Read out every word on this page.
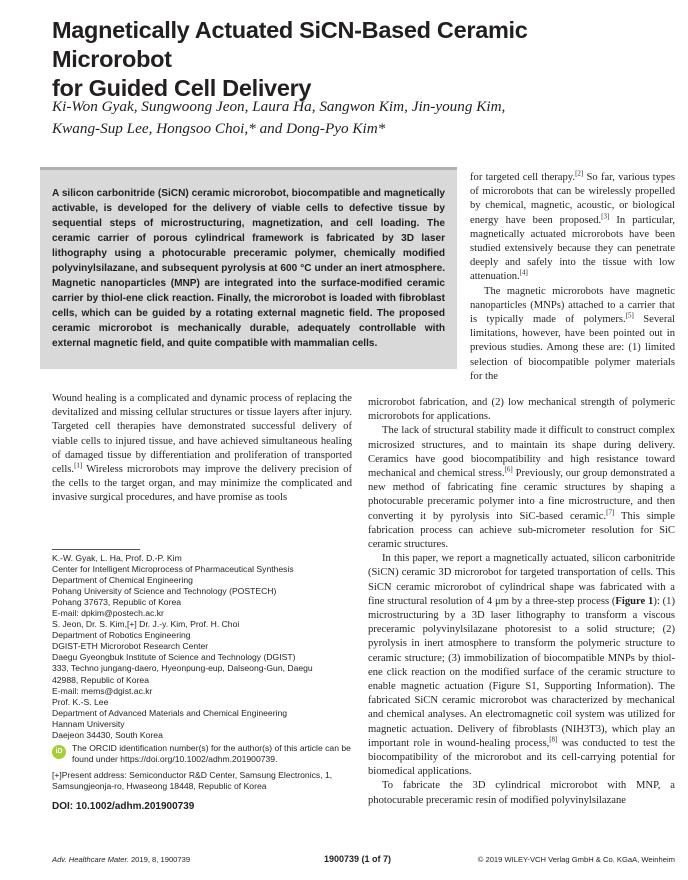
Magnetically Actuated SiCN-Based Ceramic Microrobot
for Guided Cell Delivery
Ki-Won Gyak, Sungwoong Jeon, Laura Ha, Sangwon Kim, Jin-young Kim,
Kwang-Sup Lee, Hongsoo Choi,* and Dong-Pyo Kim*

A silicon carbonitride (SiCN) ceramic microrobot, biocompatible and magnetically activable, is developed for the delivery of viable cells to defective tissue by sequential steps of microstructuring, magnetization, and cell loading. The ceramic carrier of porous cylindrical framework is fabricated by 3D laser lithography using a photocurable preceramic polymer, chemically modified polyvinylsilazane, and subsequent pyrolysis at 600 °C under an inert atmosphere. Magnetic nanoparticles (MNP) are integrated into the surface-modified ceramic carrier by thiol-ene click reaction. Finally, the microrobot is loaded with fibroblast cells, which can be guided by a rotating external magnetic field. The proposed ceramic microrobot is mechanically durable, adequately controllable with external magnetic field, and quite compatible with mammalian cells.

for targeted cell therapy.[2] So far, various types of microrobots that can be wirelessly propelled by chemical, magnetic, acoustic, or biological energy have been proposed.[3] In particular, magnetically actuated microrobots have been studied extensively because they can penetrate deeply and safely into the tissue with low attenuation.[4]

The magnetic microrobots have magnetic nanoparticles (MNPs) attached to a carrier that is typically made of polymers.[5] Several limitations, however, have been pointed out in previous studies. Among these are: (1) limited selection of biocompatible polymer materials for the

Wound healing is a complicated and dynamic process of replacing the devitalized and missing cellular structures or tissue layers after injury. Targeted cell therapies have demonstrated successful delivery of viable cells to injured tissue, and have achieved simultaneous healing of damaged tissue by differentiation and proliferation of transported cells.[1] Wireless microrobots may improve the delivery precision of the cells to the target organ, and may minimize the complicated and invasive surgical procedures, and have promise as tools

microrobot fabrication, and (2) low mechanical strength of polymeric microrobots for applications.

The lack of structural stability made it difficult to construct complex microsized structures, and to maintain its shape during delivery. Ceramics have good biocompatibility and high resistance toward mechanical and chemical stress.[6] Previously, our group demonstrated a new method of fabricating fine ceramic structures by shaping a photocurable preceramic polymer into a fine microstructure, and then converting it by pyrolysis into SiC-based ceramic.[7] This simple fabrication process can achieve sub-micrometer resolution for SiC ceramic structures.

In this paper, we report a magnetically actuated, silicon carbonitride (SiCN) ceramic 3D microrobot for targeted transportation of cells. This SiCN ceramic microrobot of cylindrical shape was fabricated with a fine structural resolution of 4 μm by a three-step process (Figure 1): (1) microstructuring by a 3D laser lithography to transform a viscous preceramic polyvinylsilazane photoresist to a solid structure; (2) pyrolysis in inert atmosphere to transform the polymeric structure to ceramic structure; (3) immobilization of biocompatible MNPs by thiol-ene click reaction on the modified surface of the ceramic structure to enable magnetic actuation (Figure S1, Supporting Information). The fabricated SiCN ceramic microrobot was characterized by mechanical and chemical analyses. An electromagnetic coil system was utilized for magnetic actuation. Delivery of fibroblasts (NIH3T3), which play an important role in wound-healing process,[8] was conducted to test the biocompatibility of the microrobot and its cell-carrying potential for biomedical applications.

To fabricate the 3D cylindrical microrobot with MNP, a photocurable preceramic resin of modified polyvinylsilazane

K.-W. Gyak, L. Ha, Prof. D.-P. Kim
Center for Intelligent Microprocess of Pharmaceutical Synthesis
Department of Chemical Engineering
Pohang University of Science and Technology (POSTECH)
Pohang 37673, Republic of Korea
E-mail: dpkim@postech.ac.kr
S. Jeon, Dr. S. Kim,[+] Dr. J.-y. Kim, Prof. H. Choi
Department of Robotics Engineering
DGIST-ETH Microrobot Research Center
Daegu Gyeongbuk Institute of Science and Technology (DGIST)
333, Techno jungang-daero, Hyeonpung-eup, Dalseong-Gun, Daegu
42988, Republic of Korea
E-mail: mems@dgist.ac.kr
Prof. K.-S. Lee
Department of Advanced Materials and Chemical Engineering
Hannam University
Daejeon 34430, South Korea
iD	The ORCID identification number(s) for the author(s) of this article can be found under https://doi.org/10.1002/adhm.201900739.
[+]Present address: Semiconductor R&D Center, Samsung Electronics, 1, Samsungjeonja-ro, Hwaseong 18448, Republic of Korea
DOI: 10.1002/adhm.201900739
Adv. Healthcare Mater. 2019, 8, 1900739	1900739 (1 of 7)	© 2019 WILEY-VCH Verlag GmbH & Co. KGaA, Weinheim
